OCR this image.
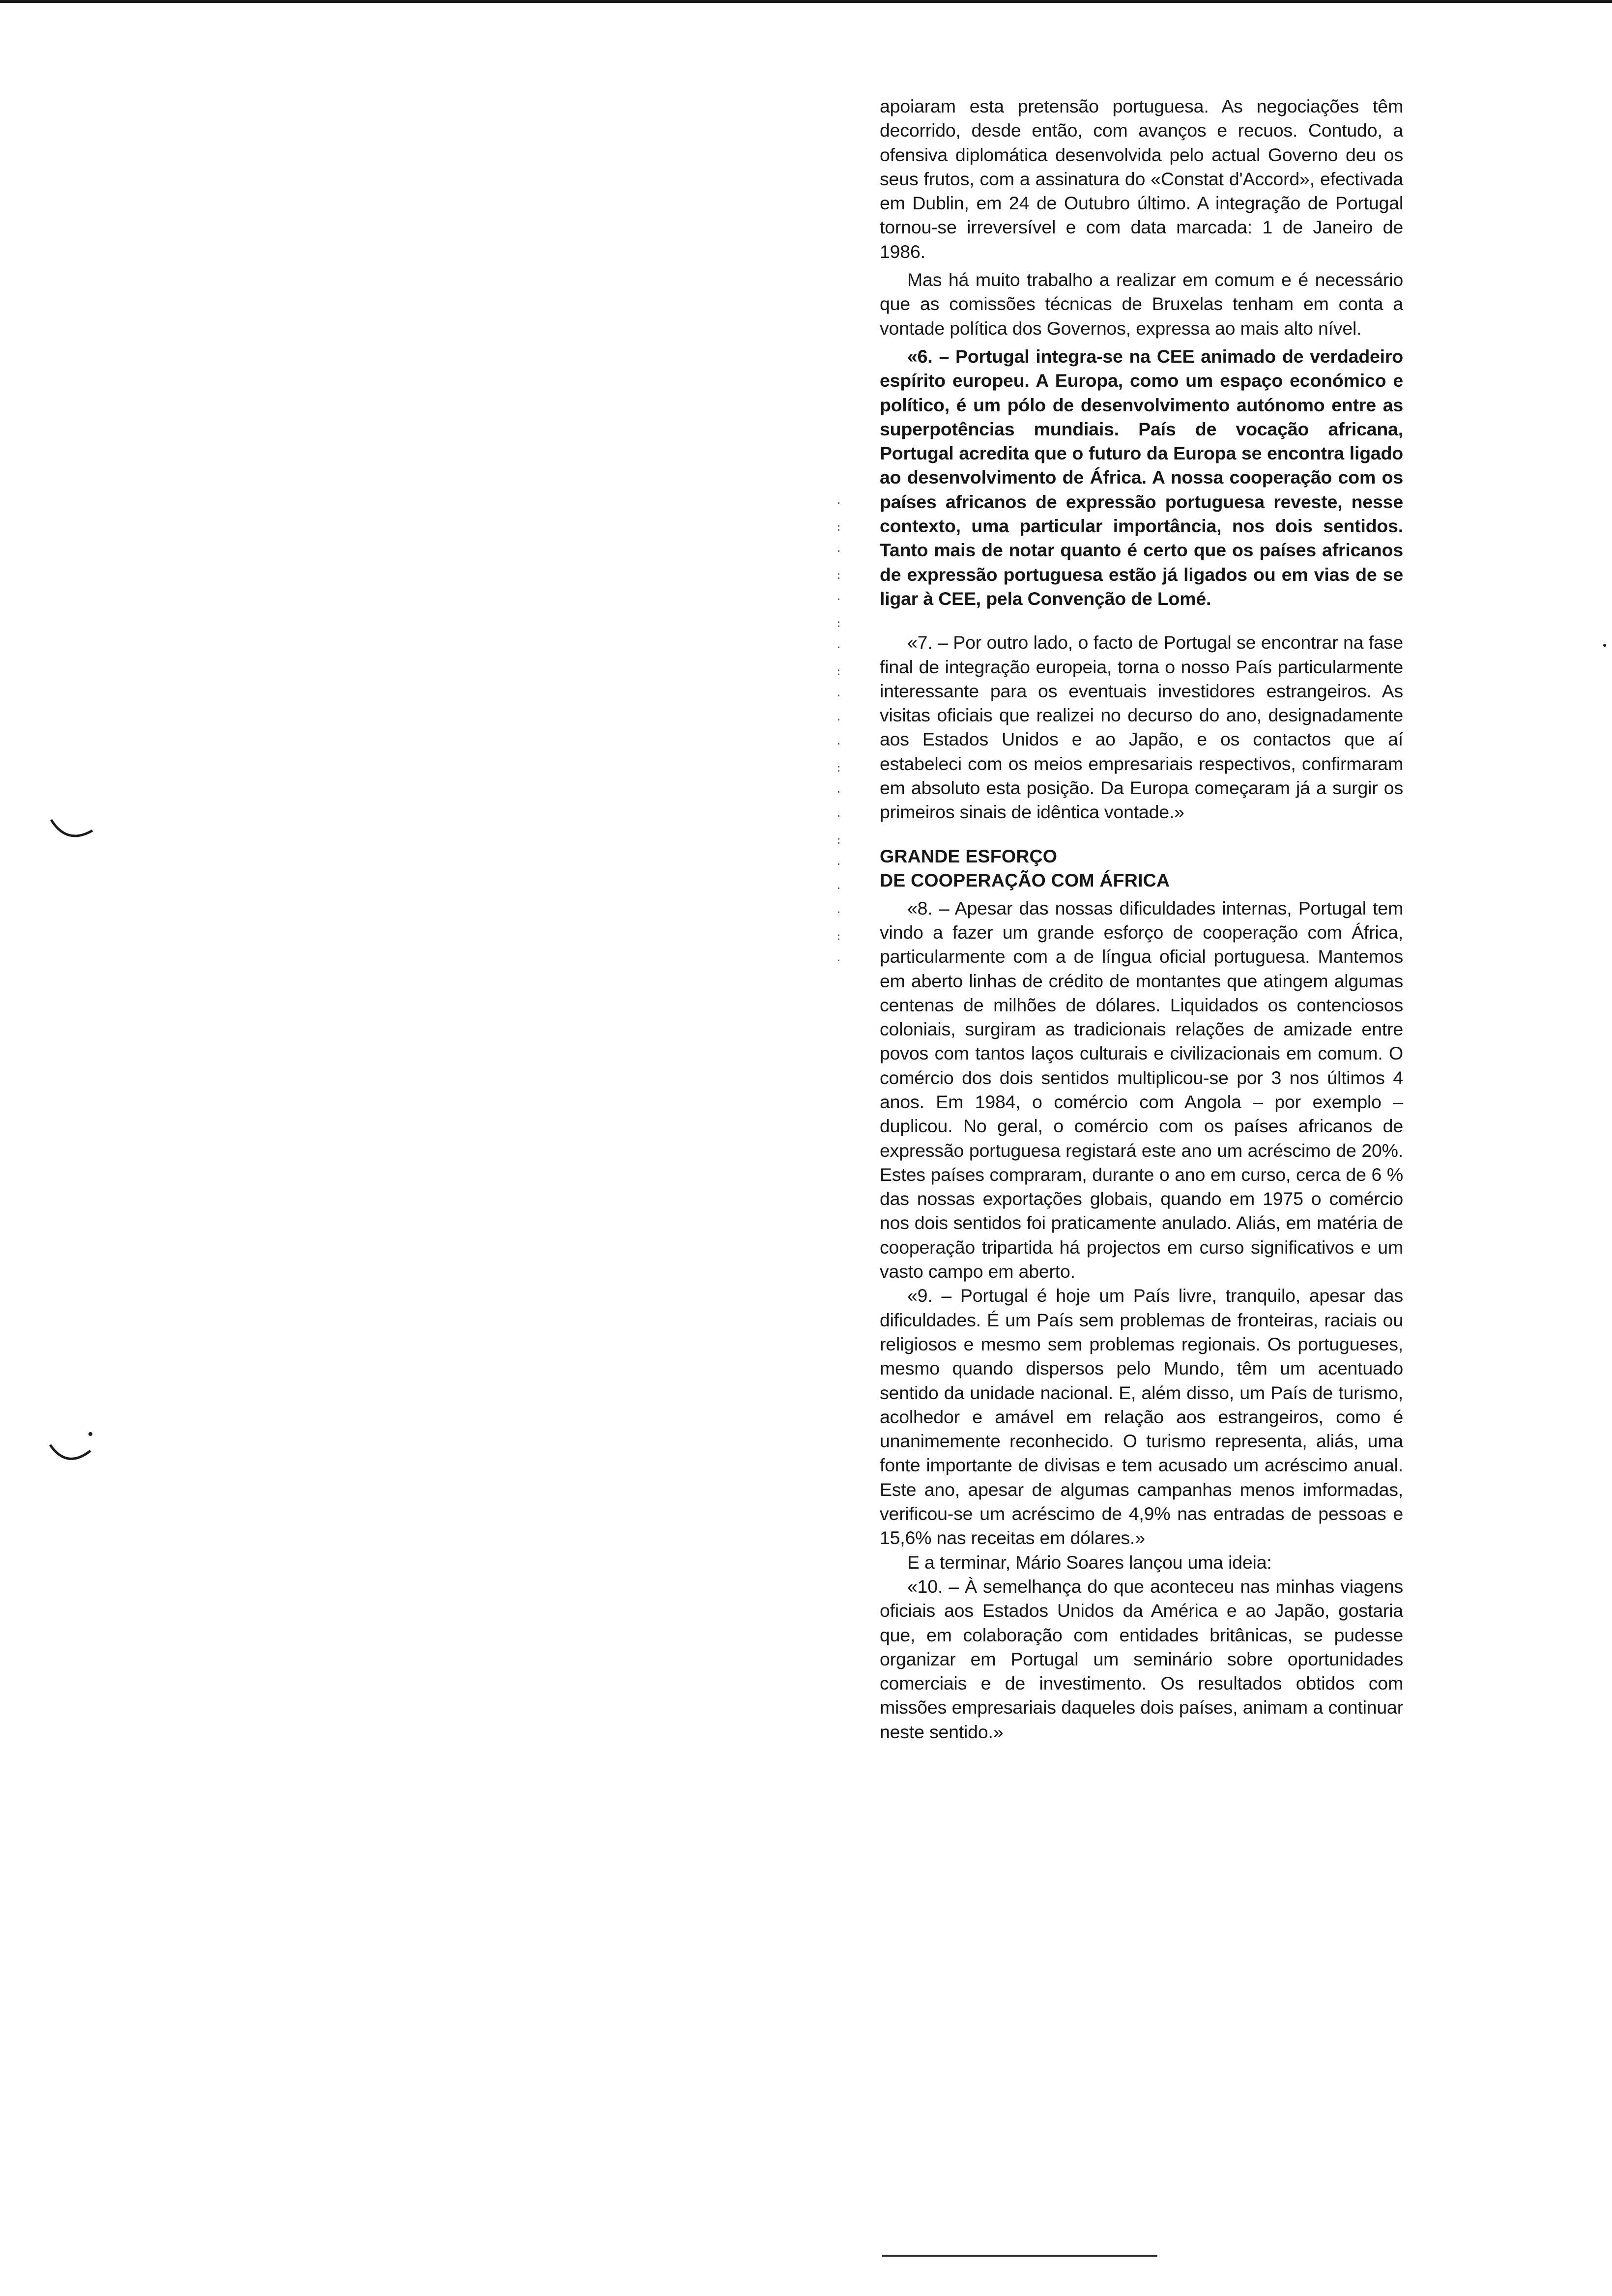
·
:
·
:
·
:
·
:
·
·
·
:
·
·
:
·
·
·
:
·

apoiaram esta pretensão portuguesa. As negociações têm decorrido, desde então, com avanços e recuos. Contudo, a ofensiva diplomática desenvolvida pelo actual Governo deu os seus frutos, com a assinatura do «Constat d'Accord», efectivada em Dublin, em 24 de Outubro último. A integração de Portugal tornou-se irreversível e com data marcada: 1 de Janeiro de 1986.

Mas há muito trabalho a realizar em comum e é necessário que as comissões técnicas de Bruxelas tenham em conta a vontade política dos Governos, expressa ao mais alto nível.

«6. – Portugal integra-se na CEE animado de verdadeiro espírito europeu. A Europa, como um espaço económico e político, é um pólo de desenvolvimento autónomo entre as superpotências mundiais. País de vocação africana, Portugal acredita que o futuro da Europa se encontra ligado ao desenvolvimento de África. A nossa cooperação com os países africanos de expressão portuguesa reveste, nesse contexto, uma particular importância, nos dois sentidos. Tanto mais de notar quanto é certo que os países africanos de expressão portuguesa estão já ligados ou em vias de se ligar à CEE, pela Convenção de Lomé.

«7. – Por outro lado, o facto de Portugal se encontrar na fase final de integração europeia, torna o nosso País particularmente interessante para os eventuais investidores estrangeiros. As visitas oficiais que realizei no decurso do ano, designadamente aos Estados Unidos e ao Japão, e os contactos que aí estabeleci com os meios empresariais respectivos, confirmaram em absoluto esta posição. Da Europa começaram já a surgir os primeiros sinais de idêntica vontade.»

GRANDE ESFORÇO
DE COOPERAÇÃO COM ÁFRICA

«8. – Apesar das nossas dificuldades internas, Portugal tem vindo a fazer um grande esforço de cooperação com África, particularmente com a de língua oficial portuguesa. Mantemos em aberto linhas de crédito de montantes que atingem algumas centenas de milhões de dólares. Liquidados os contenciosos coloniais, surgiram as tradicionais relações de amizade entre povos com tantos laços culturais e civilizacionais em comum. O comércio dos dois sentidos multiplicou-se por 3 nos últimos 4 anos. Em 1984, o comércio com Angola – por exemplo – duplicou. No geral, o comércio com os países africanos de expressão portuguesa registará este ano um acréscimo de 20%. Estes países compraram, durante o ano em curso, cerca de 6 % das nossas exportações globais, quando em 1975 o comércio nos dois sentidos foi praticamente anulado. Aliás, em matéria de cooperação tripartida há projectos em curso significativos e um vasto campo em aberto.

«9. – Portugal é hoje um País livre, tranquilo, apesar das dificuldades. É um País sem problemas de fronteiras, raciais ou religiosos e mesmo sem problemas regionais. Os portugueses, mesmo quando dispersos pelo Mundo, têm um acentuado sentido da unidade nacional. E, além disso, um País de turismo, acolhedor e amável em relação aos estrangeiros, como é unanimemente reconhecido. O turismo representa, aliás, uma fonte importante de divisas e tem acusado um acréscimo anual. Este ano, apesar de algumas campanhas menos imformadas, verificou-se um acréscimo de 4,9% nas entradas de pessoas e 15,6% nas receitas em dólares.»

E a terminar, Mário Soares lançou uma ideia:

«10. – À semelhança do que aconteceu nas minhas viagens oficiais aos Estados Unidos da América e ao Japão, gostaria que, em colaboração com entidades britânicas, se pudesse organizar em Portugal um seminário sobre oportunidades comerciais e de investimento. Os resultados obtidos com missões empresariais daqueles dois países, animam a continuar neste sentido.»
